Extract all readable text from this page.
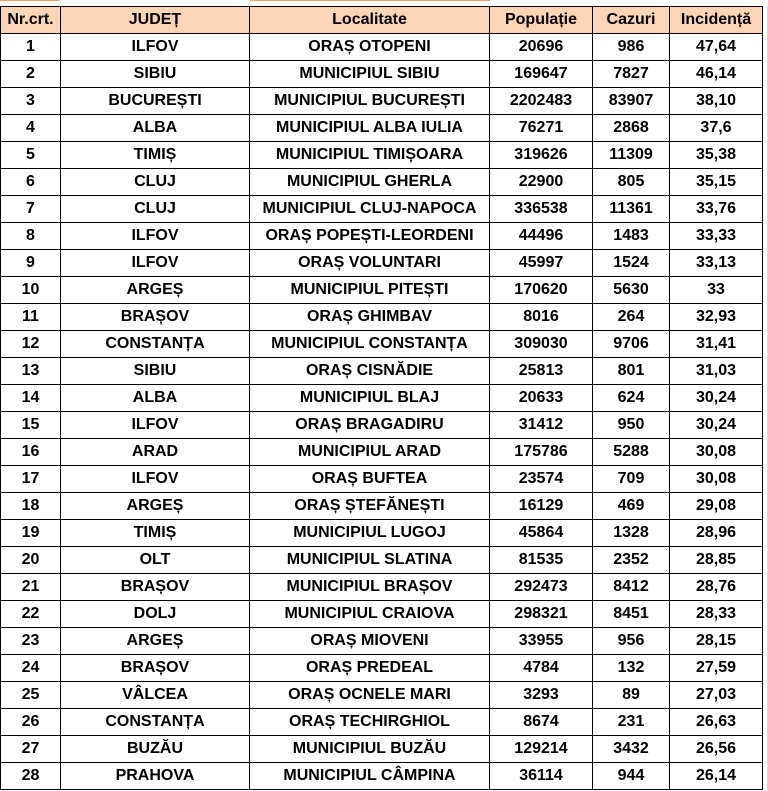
Nr.crt.	JUDEȚ	Localitate	Populație	Cazuri	Incidență
1	ILFOV	ORAȘ OTOPENI	20696	986	47,64
2	SIBIU	MUNICIPIUL SIBIU	169647	7827	46,14
3	BUCUREȘTI	MUNICIPIUL BUCUREȘTI	2202483	83907	38,10
4	ALBA	MUNICIPIUL ALBA IULIA	76271	2868	37,6
5	TIMIȘ	MUNICIPIUL TIMIȘOARA	319626	11309	35,38
6	CLUJ	MUNICIPIUL GHERLA	22900	805	35,15
7	CLUJ	MUNICIPIUL CLUJ-NAPOCA	336538	11361	33,76
8	ILFOV	ORAȘ POPEȘTI-LEORDENI	44496	1483	33,33
9	ILFOV	ORAȘ VOLUNTARI	45997	1524	33,13
10	ARGEȘ	MUNICIPIUL PITEȘTI	170620	5630	33
11	BRAȘOV	ORAȘ GHIMBAV	8016	264	32,93
12	CONSTANȚA	MUNICIPIUL CONSTANȚA	309030	9706	31,41
13	SIBIU	ORAȘ CISNĂDIE	25813	801	31,03
14	ALBA	MUNICIPIUL BLAJ	20633	624	30,24
15	ILFOV	ORAȘ BRAGADIRU	31412	950	30,24
16	ARAD	MUNICIPIUL ARAD	175786	5288	30,08
17	ILFOV	ORAȘ BUFTEA	23574	709	30,08
18	ARGEȘ	ORAȘ ȘTEFĂNEȘTI	16129	469	29,08
19	TIMIȘ	MUNICIPIUL LUGOJ	45864	1328	28,96
20	OLT	MUNICIPIUL SLATINA	81535	2352	28,85
21	BRAȘOV	MUNICIPIUL BRAȘOV	292473	8412	28,76
22	DOLJ	MUNICIPIUL CRAIOVA	298321	8451	28,33
23	ARGEȘ	ORAȘ MIOVENI	33955	956	28,15
24	BRAȘOV	ORAȘ PREDEAL	4784	132	27,59
25	VÂLCEA	ORAȘ OCNELE MARI	3293	89	27,03
26	CONSTANȚA	ORAȘ TECHIRGHIOL	8674	231	26,63
27	BUZĂU	MUNICIPIUL BUZĂU	129214	3432	26,56
28	PRAHOVA	MUNICIPIUL CÂMPINA	36114	944	26,14
